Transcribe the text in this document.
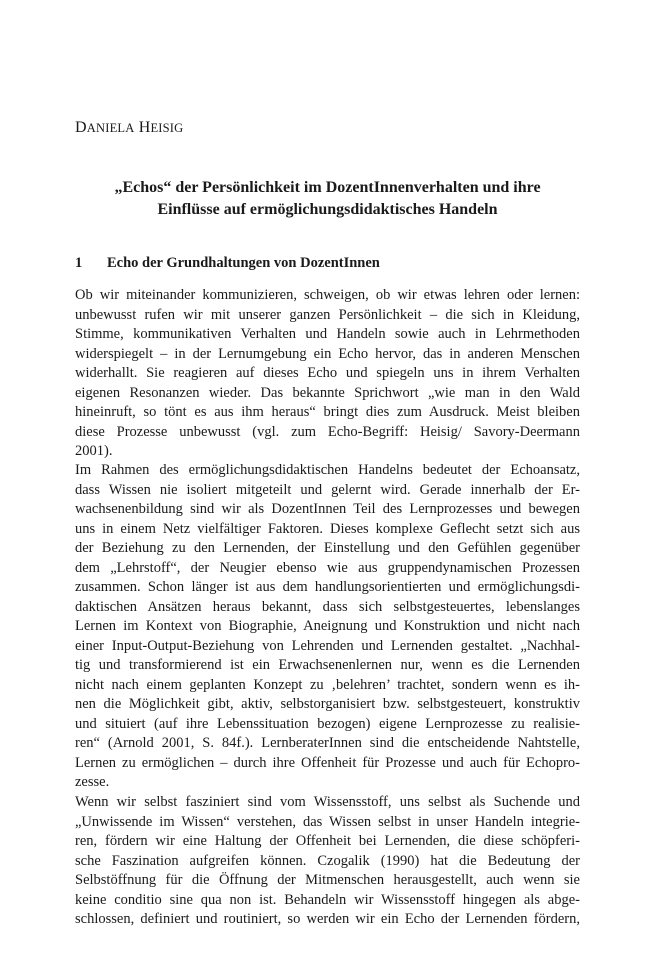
DANIELA HEISIG
„Echos“ der Persönlichkeit im DozentInnenverhalten und ihre
Einflüsse auf ermöglichungsdidaktisches Handeln
1 Echo der Grundhaltungen von DozentInnen
Ob wir miteinander kommunizieren, schweigen, ob wir etwas lehren oder lernen:
unbewusst rufen wir mit unserer ganzen Persönlichkeit – die sich in Kleidung,
Stimme, kommunikativen Verhalten und Handeln sowie auch in Lehrmethoden
widerspiegelt – in der Lernumgebung ein Echo hervor, das in anderen Menschen
widerhallt. Sie reagieren auf dieses Echo und spiegeln uns in ihrem Verhalten
eigenen Resonanzen wieder. Das bekannte Sprichwort „wie man in den Wald
hineinruft, so tönt es aus ihm heraus“ bringt dies zum Ausdruck. Meist bleiben
diese Prozesse unbewusst (vgl. zum Echo-Begriff: Heisig/ Savory-Deermann
2001).
Im Rahmen des ermöglichungsdidaktischen Handelns bedeutet der Echoansatz,
dass Wissen nie isoliert mitgeteilt und gelernt wird. Gerade innerhalb der Er-
wachsenenbildung sind wir als DozentInnen Teil des Lernprozesses und bewegen
uns in einem Netz vielfältiger Faktoren. Dieses komplexe Geflecht setzt sich aus
der Beziehung zu den Lernenden, der Einstellung und den Gefühlen gegenüber
dem „Lehrstoff“, der Neugier ebenso wie aus gruppendynamischen Prozessen
zusammen. Schon länger ist aus dem handlungsorientierten und ermöglichungsdi-
daktischen Ansätzen heraus bekannt, dass sich selbstgesteuertes, lebenslanges
Lernen im Kontext von Biographie, Aneignung und Konstruktion und nicht nach
einer Input-Output-Beziehung von Lehrenden und Lernenden gestaltet. „Nachhal-
tig und transformierend ist ein Erwachsenenlernen nur, wenn es die Lernenden
nicht nach einem geplanten Konzept zu ‚belehren’ trachtet, sondern wenn es ih-
nen die Möglichkeit gibt, aktiv, selbstorganisiert bzw. selbstgesteuert, konstruktiv
und situiert (auf ihre Lebenssituation bezogen) eigene Lernprozesse zu realisie-
ren“ (Arnold 2001, S. 84f.). LernberaterInnen sind die entscheidende Nahtstelle,
Lernen zu ermöglichen – durch ihre Offenheit für Prozesse und auch für Echopro-
zesse.
Wenn wir selbst fasziniert sind vom Wissensstoff, uns selbst als Suchende und
„Unwissende im Wissen“ verstehen, das Wissen selbst in unser Handeln integrie-
ren, fördern wir eine Haltung der Offenheit bei Lernenden, die diese schöpferi-
sche Faszination aufgreifen können. Czogalik (1990) hat die Bedeutung der
Selbstöffnung für die Öffnung der Mitmenschen herausgestellt, auch wenn sie
keine conditio sine qua non ist. Behandeln wir Wissensstoff hingegen als abge-
schlossen, definiert und routiniert, so werden wir ein Echo der Lernenden fördern,
